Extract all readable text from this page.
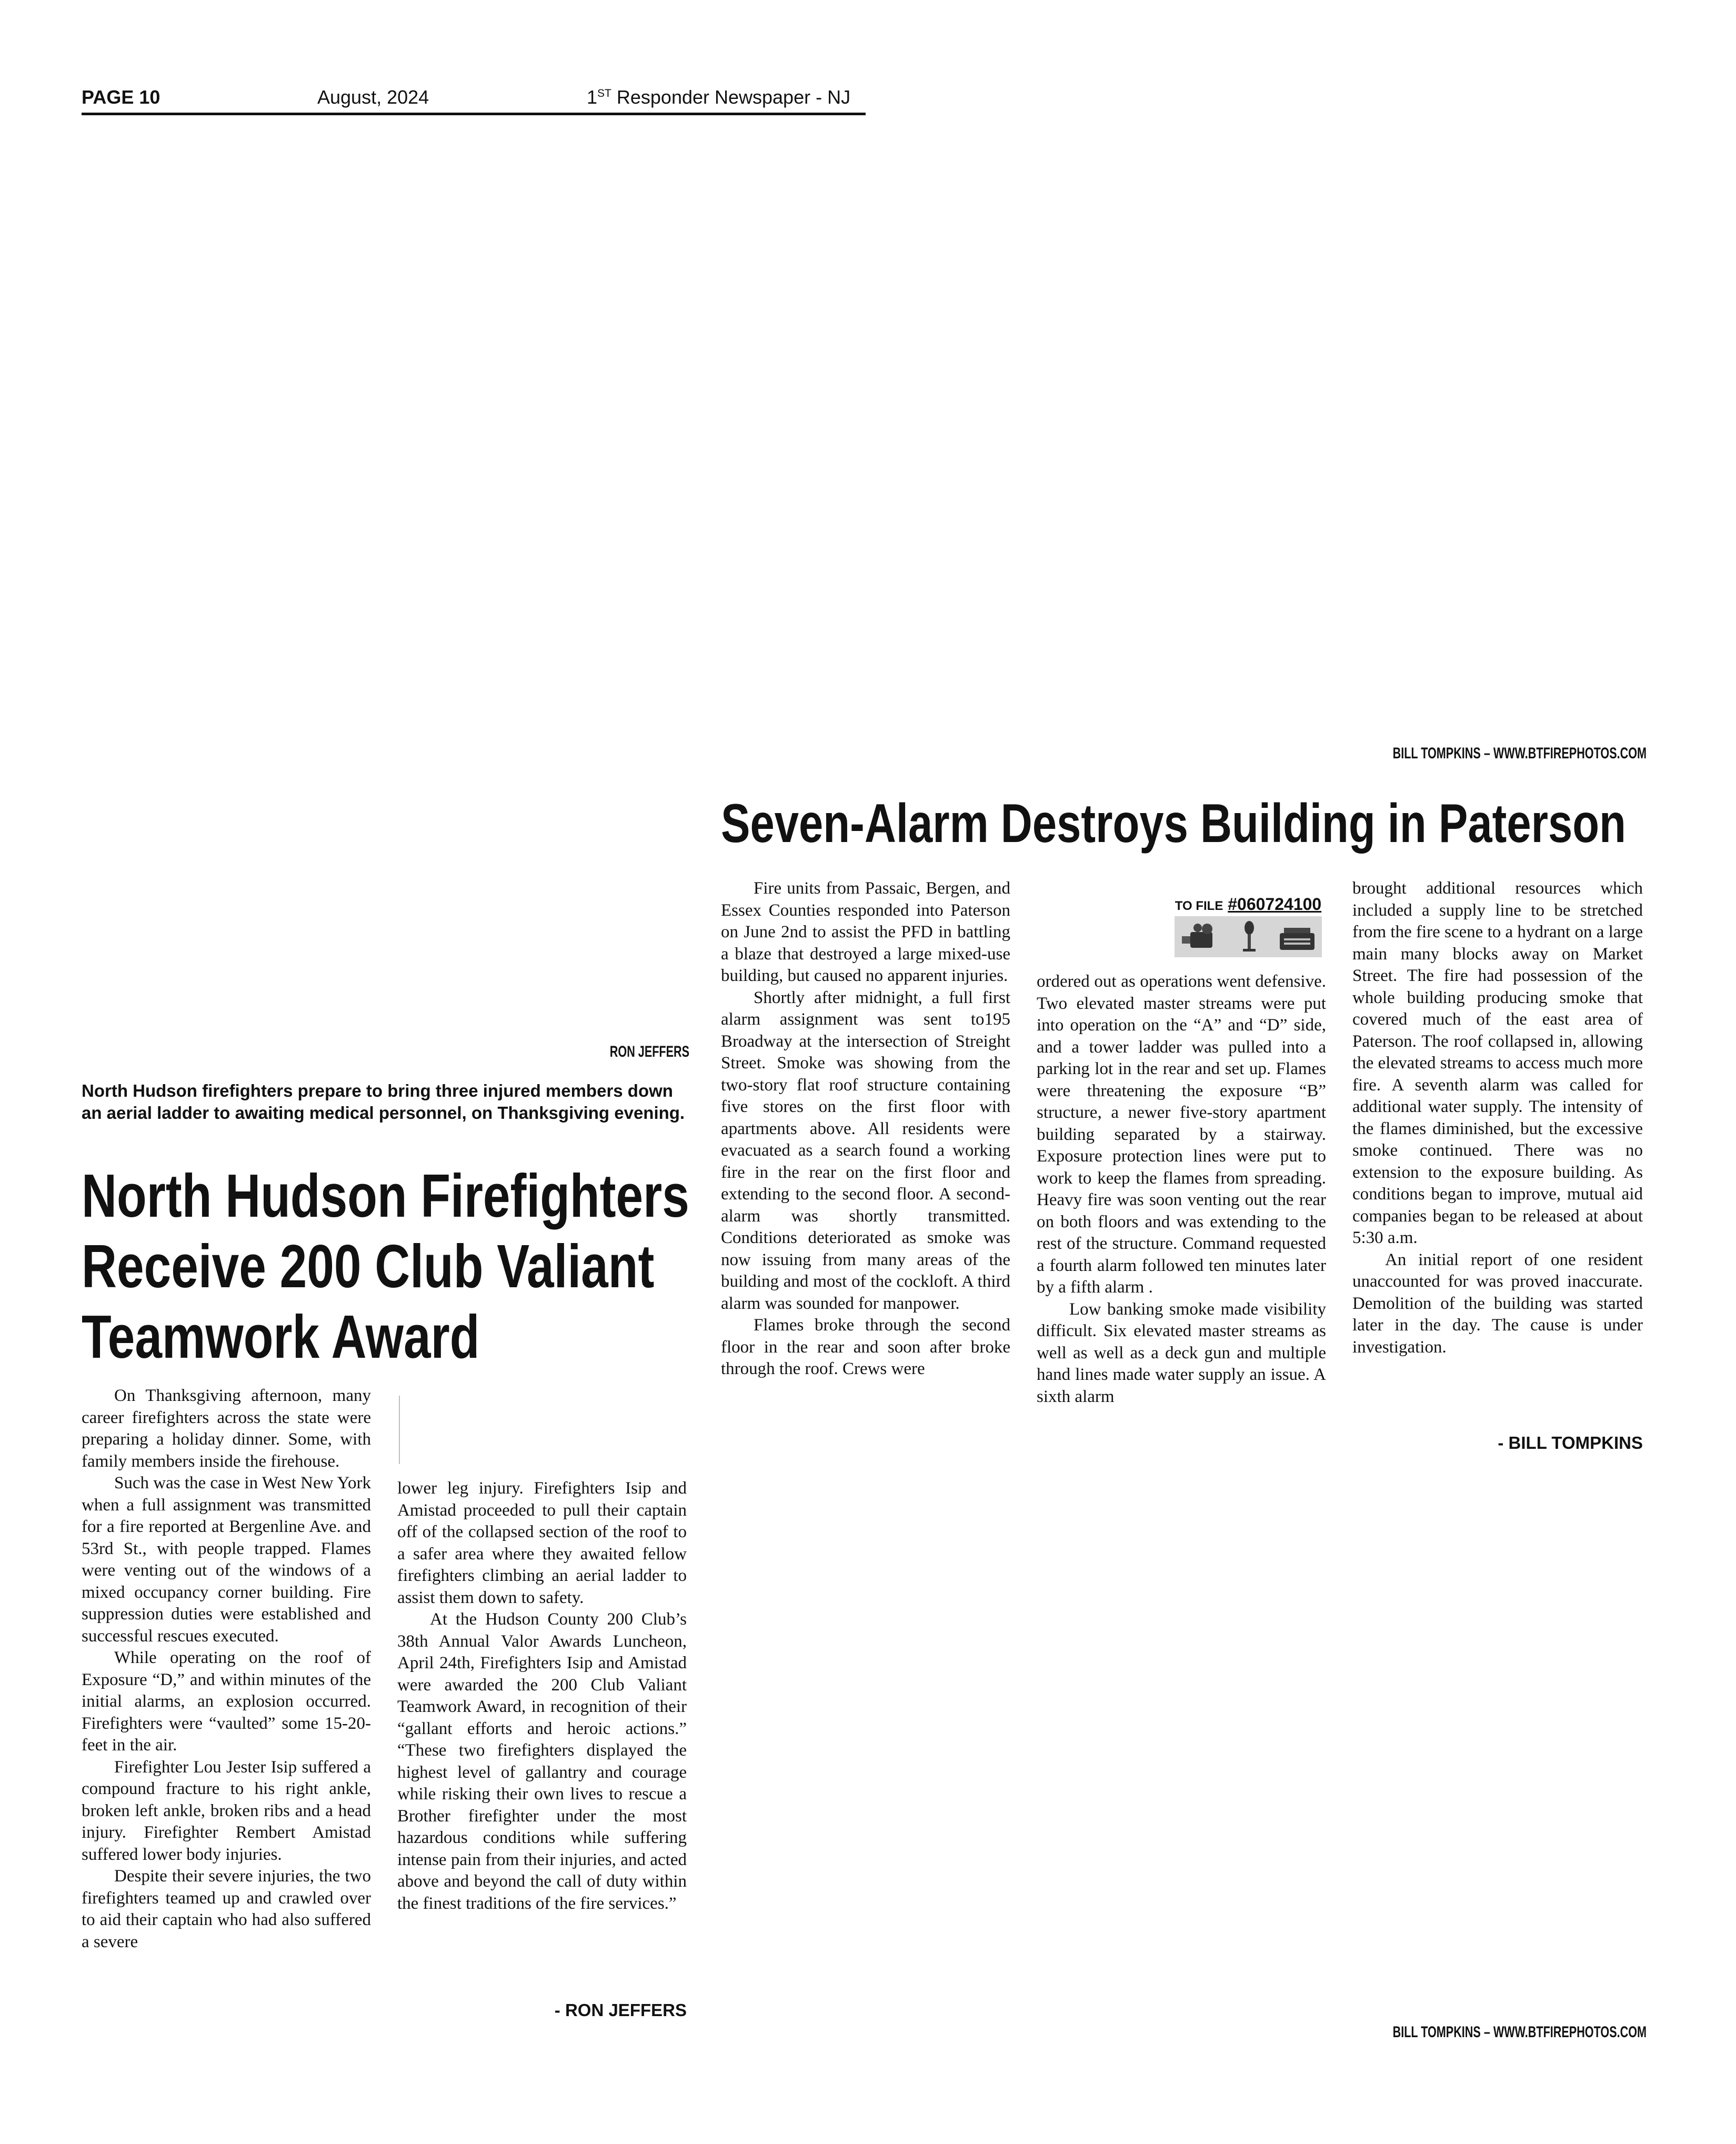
PAGE 10	August, 2024	1ST Responder Newspaper - NJ
BILL TOMPKINS – WWW.BTFIREPHOTOS.COM
Seven-Alarm Destroys Building in Paterson

Fire units from Passaic, Bergen, and Essex Counties responded into Paterson on June 2nd to assist the PFD in battling a blaze that destroyed a large mixed-use building, but caused no apparent injuries.

Shortly after midnight, a full first alarm assignment was sent to195 Broadway at the intersection of Streight Street. Smoke was showing from the two-story flat roof structure containing five stores on the first floor with apartments above. All residents were evacuated as a search found a working fire in the rear on the first floor and extending to the second floor. A second-alarm was shortly transmitted. Conditions deteriorated as smoke was now issuing from many areas of the building and most of the cockloft. A third alarm was sounded for manpower.

Flames broke through the second floor in the rear and soon after broke through the roof. Crews were

TO FILE #060724100

ordered out as operations went defensive. Two elevated master streams were put into operation on the “A” and “D” side, and a tower ladder was pulled into a parking lot in the rear and set up. Flames were threatening the exposure “B” structure, a newer five-story apartment building separated by a stairway. Exposure protection lines were put to work to keep the flames from spreading. Heavy fire was soon venting out the rear on both floors and was extending to the rest of the structure. Command requested a fourth alarm followed ten minutes later by a fifth alarm .

Low banking smoke made visibility difficult. Six elevated master streams as well as well as a deck gun and multiple hand lines made water supply an issue. A sixth alarm

brought additional resources which included a supply line to be stretched from the fire scene to a hydrant on a large main many blocks away on Market Street. The fire had possession of the whole building producing smoke that covered much of the east area of Paterson. The roof collapsed in, allowing the elevated streams to access much more fire. A seventh alarm was called for additional water supply. The intensity of the flames diminished, but the excessive smoke continued. There was no extension to the exposure building. As conditions began to improve, mutual aid companies began to be released at about 5:30 a.m.

An initial report of one resident unaccounted for was proved inaccurate. Demolition of the building was started later in the day. The cause is under investigation.

- BILL TOMPKINS
BILL TOMPKINS – WWW.BTFIREPHOTOS.COM
RON JEFFERS
North Hudson firefighters prepare to bring three injured members down an aerial ladder to awaiting medical personnel, on Thanksgiving evening.
North Hudson Firefighters
Receive 200 Club Valiant
Teamwork Award

On Thanksgiving afternoon, many career firefighters across the state were preparing a holiday dinner. Some, with family members inside the firehouse.

Such was the case in West New York when a full assignment was transmitted for a fire reported at Bergenline Ave. and 53rd St., with people trapped. Flames were venting out of the windows of a mixed occupancy corner building. Fire suppression duties were established and successful rescues executed.

While operating on the roof of Exposure “D,” and within minutes of the initial alarms, an explosion occurred. Firefighters were “vaulted” some 15-20-feet in the air.

Firefighter Lou Jester Isip suffered a compound fracture to his right ankle, broken left ankle, broken ribs and a head injury. Firefighter Rembert Amistad suffered lower body injuries.

Despite their severe injuries, the two firefighters teamed up and crawled over to aid their captain who had also suffered a severe

lower leg injury. Firefighters Isip and Amistad proceeded to pull their captain off of the collapsed section of the roof to a safer area where they awaited fellow firefighters climbing an aerial ladder to assist them down to safety.

At the Hudson County 200 Club’s 38th Annual Valor Awards Luncheon, April 24th, Firefighters Isip and Amistad were awarded the 200 Club Valiant Teamwork Award, in recognition of their “gallant efforts and heroic actions.” “These two firefighters displayed the highest level of gallantry and courage while risking their own lives to rescue a Brother firefighter under the most hazardous conditions while suffering intense pain from their injuries, and acted above and beyond the call of duty within the finest traditions of the fire services.”

- RON JEFFERS
